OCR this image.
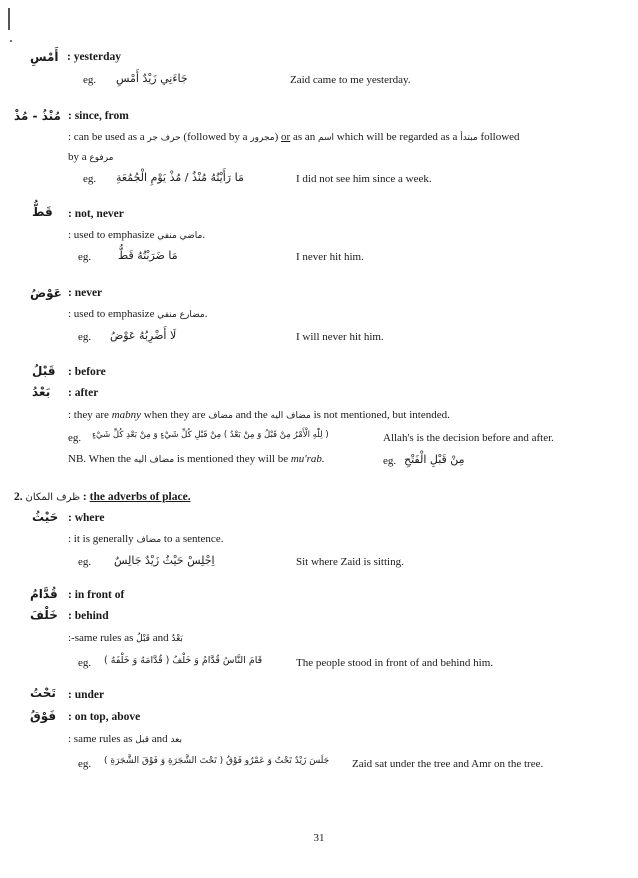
أَمْسِ : yesterday
eg. جَاءَنِي زَيْدٌ أَمْسِ	Zaid came to me yesterday.
مُنْذُ - مُذْ : since, from
: can be used as a حرف جر (followed by a مجرور) or as an اسم which will be regarded as a مبتدأ followed
by a مرفوع
eg. مَا رَأَيْتُهُ مُنْذُ / مُذْ يَوْمِ الْجُمُعَةِ	I did not see him since a week.
قَطُّ : not, never
: used to emphasize ماضي منفي.
eg. مَا ضَرَبْتُهُ قَطُّ	I never hit him.
عَوْضُ : never
: used to emphasize مضارع منفي.
eg. لَا أَضْرِبُهُ عَوْضُ	I will never hit him.
قَبْلُ : before
بَعْدُ : after
: they are mabny when they are مضاف and the مضاف اليه is not mentioned, but intended.
eg. ( لِلّٰهِ الْأَمْرُ مِنْ قَبْلُ وَ مِنْ بَعْدُ ) مِنْ قَبْلِ كُلِّ شَيْءٍ وَ مِنْ بَعْدِ كُلِّ شَيْءٍ	Allah's is the decision before and after.
NB. When the مضاف اليه is mentioned they will be mu'rab.	eg. مِنْ قَبْلِ الْفَتْحِ
2. ظرف المكان : the adverbs of place.
حَيْثُ : where
: it is generally مضاف to a sentence.
eg. اِجْلِسْ حَيْثُ زَيْدٌ جَالِسٌ	Sit where Zaid is sitting.
قُدَّامُ : in front of
خَلْفَ : behind
:-same rules as قَبْلُ and بَعْدُ
eg. قَامَ النَّاسُ قُدَّامُ وَ خَلْفُ ( قُدَّامَهُ وَ خَلْفَهُ )	The people stood in front of and behind him.
تَحْتُ : under
فَوْقُ : on top, above
: same rules as قبل and بعد
eg. جَلَسَ زَيْدٌ تَحْتُ وَ عَمْرٌو فَوْقُ ( تَحْتَ الشَّجَرَةِ وَ فَوْقَ الشَّجَرَةِ ) Zaid sat under the tree and Amr on the tree.
31
